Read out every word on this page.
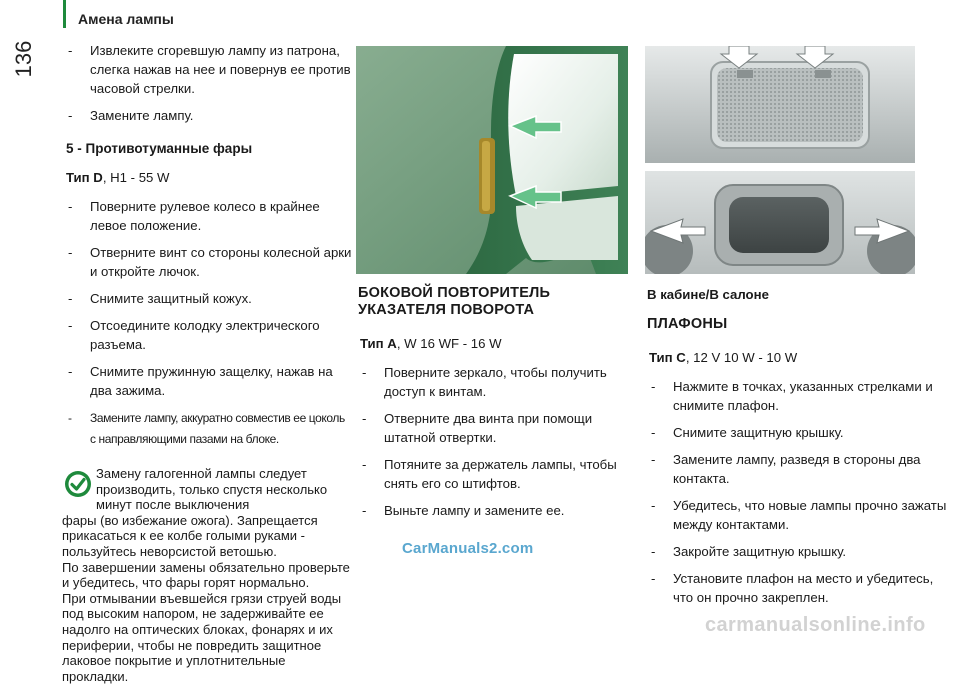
136
Амена лампы
- Извлеките сгоревшую лампу из патрона, слегка нажав на нее и повернув ее против часовой стрелки.
- Замените лампу.
5 - Противотуманные фары
Тип D, H1 - 55 W
- Поверните рулевое колесо в крайнее левое положение.
- Отверните винт со стороны колесной арки и откройте лючок.
- Снимите защитный кожух.
- Отсоедините колодку электрического разъема.
- Снимите пружинную защелку, нажав на два зажима.
- Замените лампу, аккуратно совместив ее цоколь с направляющими пазами на блоке.

Замену галогенной лампы следует производить, только спустя несколько минут после выключения

фары (во избежание ожога). Запрещается прикасаться к ее колбе голыми руками - пользуйтесь неворсистой ветошью.

По завершении замены обязательно проверьте и убедитесь, что фары горят нормально.

При отмывании въевшейся грязи струей воды под высоким напором, не задерживайте ее надолго на оптических блоках, фонарях и их периферии, чтобы не повредить защитное лаковое покрытие и уплотнительные прокладки.

БОКОВОЙ ПОВТОРИТЕЛЬ
УКАЗАТЕЛЯ ПОВОРОТА
Тип A, W 16 WF - 16 W
- Поверните зеркало, чтобы получить доступ к винтам.
- Отверните два винта при помощи штатной отвертки.
- Потяните за держатель лампы, чтобы снять его со штифтов.
- Выньте лампу и замените ее.
В кабине/В салоне
ПЛАФОНЫ
Тип C, 12 V 10 W - 10 W
- Нажмите в точках, указанных стрелками и снимите плафон.
- Снимите защитную крышку.
- Замените лампу, разведя в стороны два контакта.
- Убедитесь, что новые лампы прочно зажаты между контактами.
- Закройте защитную крышку.
- Установите плафон на место и убедитесь, что он прочно закреплен.
CarManuals2.com
carmanualsonline.info
